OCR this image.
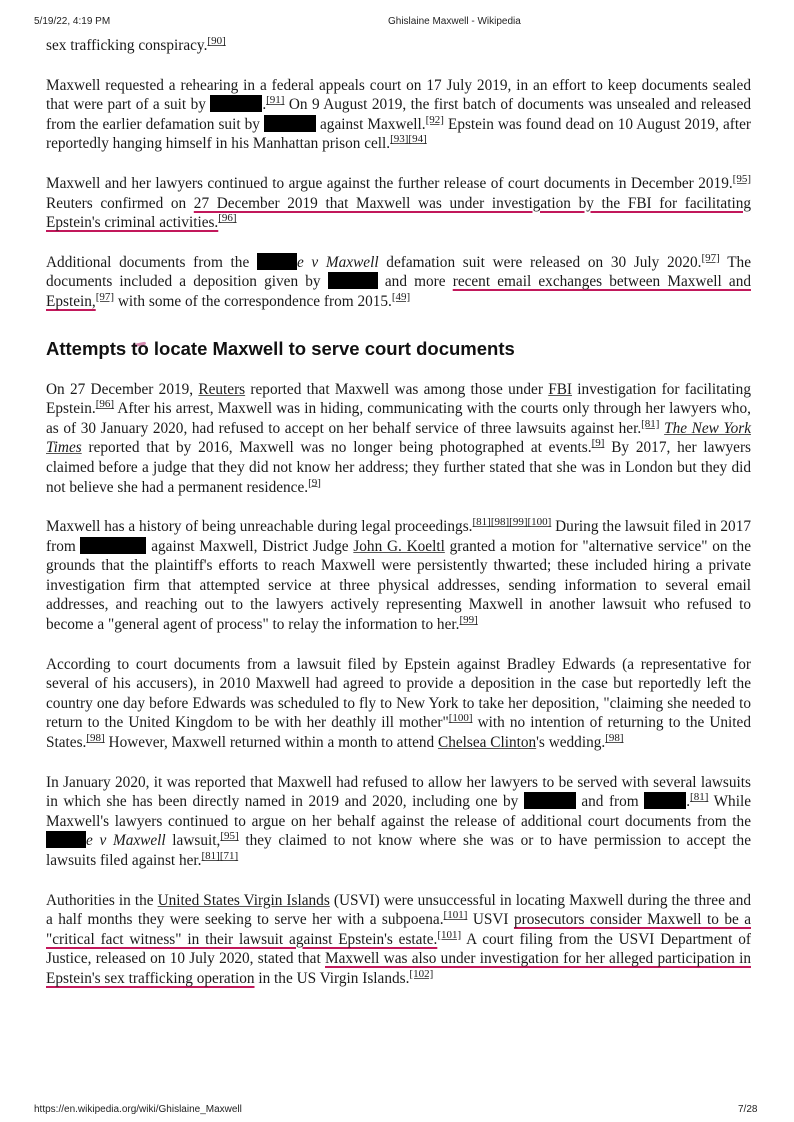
5/19/22, 4:19 PM	Ghislaine Maxwell - Wikipedia

sex trafficking conspiracy.[90]

Maxwell requested a rehearing in a federal appeals court on 17 July 2019, in an effort to keep documents sealed that were part of a suit by	.[91] On 9 August 2019, the first batch of documents was unsealed and released from the earlier defamation suit by	against Maxwell.[92] Epstein was found dead on 10 August 2019, after reportedly hanging himself in his Manhattan prison cell.[93][94]

Maxwell and her lawyers continued to argue against the further release of court documents in December 2019.[95] Reuters confirmed on 27 December 2019 that Maxwell was under investigation by the FBI for facilitating Epstein's criminal activities.[96]

Additional documents from the	e v Maxwell defamation suit were released on 30 July 2020.[97] The documents included a deposition given by	and more recent email exchanges between Maxwell and Epstein,[97] with some of the correspondence from 2015.[49]

Attempts to locate Maxwell to serve court documents

On 27 December 2019, Reuters reported that Maxwell was among those under FBI investigation for facilitating Epstein.[96] After his arrest, Maxwell was in hiding, communicating with the courts only through her lawyers who, as of 30 January 2020, had refused to accept on her behalf service of three lawsuits against her.[81] The New York Times reported that by 2016, Maxwell was no longer being photographed at events.[9] By 2017, her lawyers claimed before a judge that they did not know her address; they further stated that she was in London but they did not believe she had a permanent residence.[9]

Maxwell has a history of being unreachable during legal proceedings.[81][98][99][100] During the lawsuit filed in 2017 from	against Maxwell, District Judge John G. Koeltl granted a motion for "alternative service" on the grounds that the plaintiff's efforts to reach Maxwell were persistently thwarted; these included hiring a private investigation firm that attempted service at three physical addresses, sending information to several email addresses, and reaching out to the lawyers actively representing Maxwell in another lawsuit who refused to become a "general agent of process" to relay the information to her.[99]

According to court documents from a lawsuit filed by Epstein against Bradley Edwards (a representative for several of his accusers), in 2010 Maxwell had agreed to provide a deposition in the case but reportedly left the country one day before Edwards was scheduled to fly to New York to take her deposition, "claiming she needed to return to the United Kingdom to be with her deathly ill mother"[100] with no intention of returning to the United States.[98] However, Maxwell returned within a month to attend Chelsea Clinton's wedding.[98]

In January 2020, it was reported that Maxwell had refused to allow her lawyers to be served with several lawsuits in which she has been directly named in 2019 and 2020, including one by	and from	.[81] While Maxwell's lawyers continued to argue on her behalf against the release of additional court documents from the e v Maxwell lawsuit,[95] they claimed to not know where she was or to have permission to accept the lawsuits filed against her.[81][71]

Authorities in the United States Virgin Islands (USVI) were unsuccessful in locating Maxwell during the three and a half months they were seeking to serve her with a subpoena.[101] USVI prosecutors consider Maxwell to be a "critical fact witness" in their lawsuit against Epstein's estate.[101] A court filing from the USVI Department of Justice, released on 10 July 2020, stated that Maxwell was also under investigation for her alleged participation in Epstein's sex trafficking operation in the US Virgin Islands.[102]

https://en.wikipedia.org/wiki/Ghislaine_Maxwell	7/28
